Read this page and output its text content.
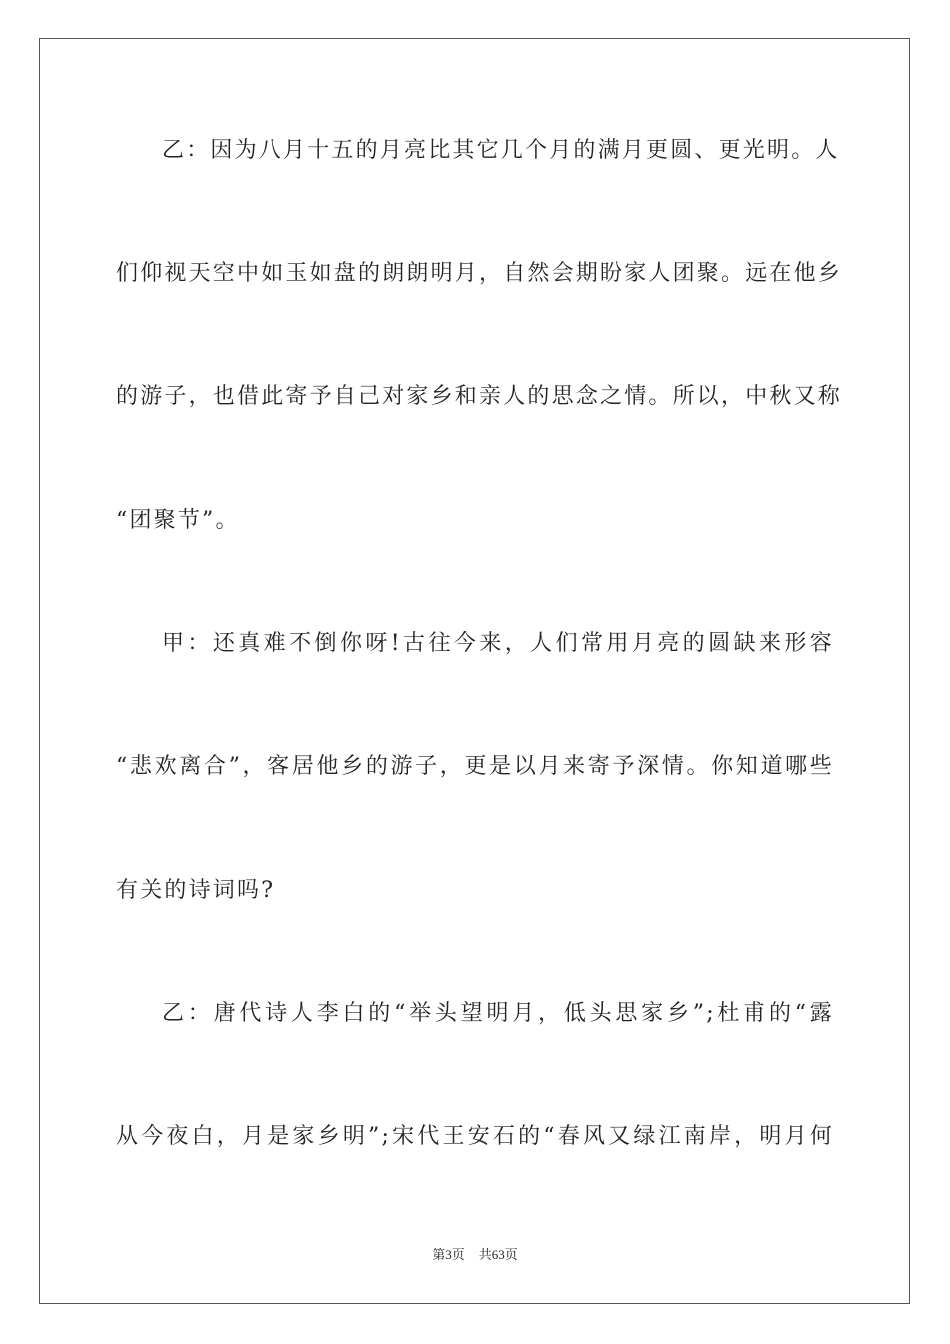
乙：因为八月十五的月亮比其它几个月的满月更圆、更光明。人
们仰视天空中如玉如盘的朗朗明月，自然会期盼家人团聚。远在他乡
的游子，也借此寄予自己对家乡和亲人的思念之情。所以，中秋又称
“团聚节”。
甲：还真难不倒你呀!古往今来，人们常用月亮的圆缺来形容
“悲欢离合”，客居他乡的游子，更是以月来寄予深情。你知道哪些
有关的诗词吗?
乙：唐代诗人李白的“举头望明月，低头思家乡”;杜甫的“露
从今夜白，月是家乡明”;宋代王安石的“春风又绿江南岸，明月何
第3页 共63页
